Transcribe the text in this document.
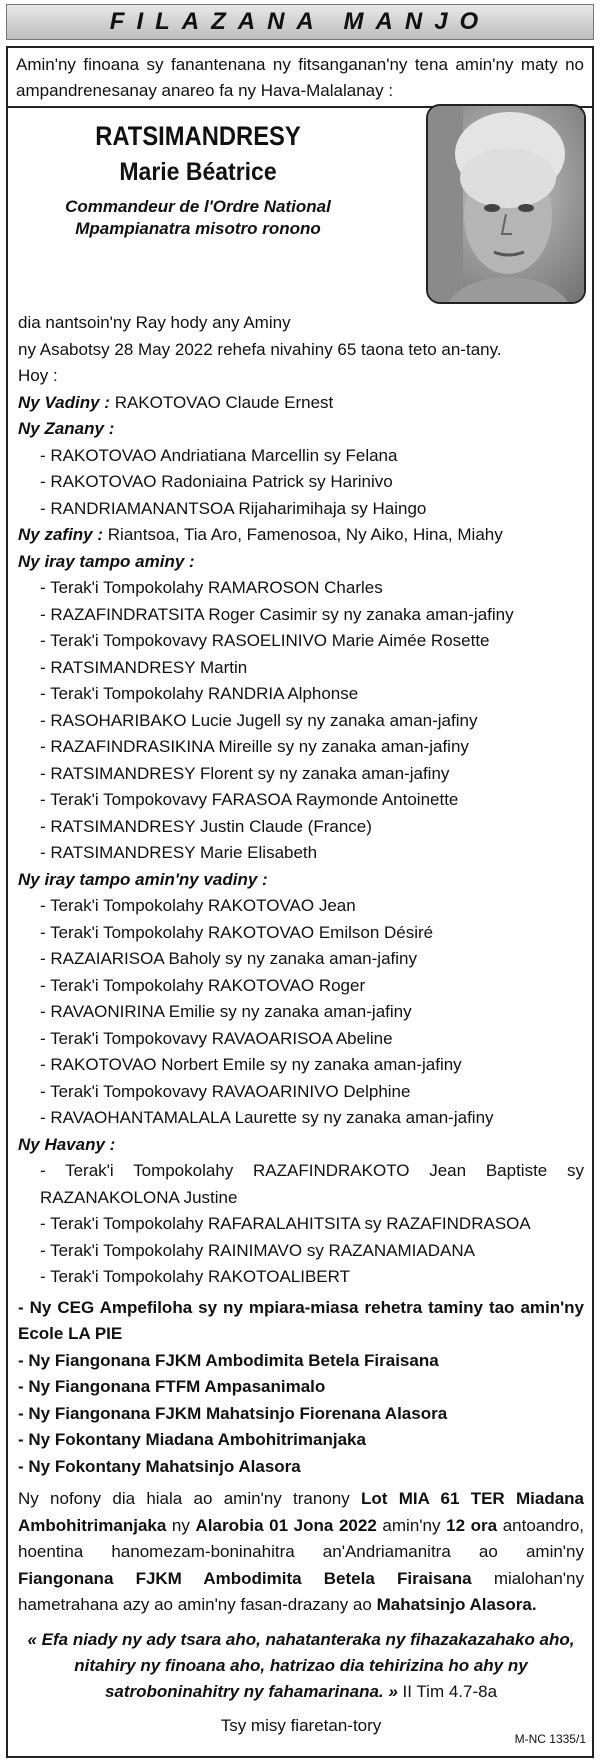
FILAZANA MANJO
Amin'ny finoana sy fanantenana ny fitsanganan'ny tena amin'ny maty no ampandrenesanay anareo fa ny Hava-Malalanay :
RATSIMANDRESY
Marie Béatrice
Commandeur de l'Ordre National
Mpampianatra misotro ronono
dia nantsoin'ny Ray hody any Aminy
ny Asabotsy 28 May 2022 rehefa nivahiny 65 taona teto an-tany.
Hoy :
Ny Vadiny : RAKOTOVAO Claude Ernest
Ny Zanany :
- RAKOTOVAO Andriatiana Marcellin sy Felana
- RAKOTOVAO Radoniaina Patrick sy Harinivo
- RANDRIAMANANTSOA Rijaharimihaja sy Haingo
Ny zafiny : Riantsoa, Tia Aro, Famenosoa, Ny Aiko, Hina, Miahy
Ny iray tampo aminy :
- Terak'i Tompokolahy RAMAROSON Charles
- RAZAFINDRATSITA Roger Casimir sy ny zanaka aman-jafiny
- Terak'i Tompokovavy RASOELINIVO Marie Aimée Rosette
- RATSIMANDRESY Martin
- Terak'i Tompokolahy RANDRIA Alphonse
- RASOHARIBAKO Lucie Jugell sy ny zanaka aman-jafiny
- RAZAFINDRASIKINA Mireille sy ny zanaka aman-jafiny
- RATSIMANDRESY Florent sy ny zanaka aman-jafiny
- Terak'i Tompokovavy FARASOA Raymonde Antoinette
- RATSIMANDRESY Justin Claude (France)
- RATSIMANDRESY Marie Elisabeth
Ny iray tampo amin'ny vadiny :
- Terak'i Tompokolahy RAKOTOVAO Jean
- Terak'i Tompokolahy RAKOTOVAO Emilson Désiré
- RAZAIARISOA Baholy sy ny zanaka aman-jafiny
- Terak'i Tompokolahy RAKOTOVAO Roger
- RAVAONIRINA Emilie sy ny zanaka aman-jafiny
- Terak'i Tompokovavy RAVAOARISOA Abeline
- RAKOTOVAO Norbert Emile sy ny zanaka aman-jafiny
- Terak'i Tompokovavy RAVAOARINIVO Delphine
- RAVAOHANTAMALALA Laurette sy ny zanaka aman-jafiny
Ny Havany :
- Terak'i Tompokolahy RAZAFINDRAKOTO Jean Baptiste sy RAZANAKOLONA Justine
- Terak'i Tompokolahy RAFARALAHITSITA sy RAZAFINDRASOA
- Terak'i Tompokolahy RAINIMAVO sy RAZANAMIADANA
- Terak'i Tompokolahy RAKOTOALIBERT
- Ny CEG Ampefiloha sy ny mpiara-miasa rehetra taminy tao amin'ny Ecole LA PIE
- Ny Fiangonana FJKM Ambodimita Betela Firaisana
- Ny Fiangonana FTFM Ampasanimalo
- Ny Fiangonana FJKM Mahatsinjo Fiorenana Alasora
- Ny Fokontany Miadana Ambohitrimanjaka
- Ny Fokontany Mahatsinjo Alasora
Ny nofony dia hiala ao amin'ny tranony Lot MIA 61 TER Miadana Ambohitrimanjaka ny Alarobia 01 Jona 2022 amin'ny 12 ora antoandro, hoentina hanomezam-boninahitra an'Andriamanitra ao amin'ny Fiangonana FJKM Ambodimita Betela Firaisana mialohan'ny hametrahana azy ao amin'ny fasan-drazany ao Mahatsinjo Alasora.
« Efa niady ny ady tsara aho, nahatanteraka ny fihazakazahako aho, nitahiry ny finoana aho, hatrizao dia tehirizina ho ahy ny satroboninahitry ny fahamarinana. » II Tim 4.7-8a
Tsy misy fiaretan-tory
M-NC 1335/1
